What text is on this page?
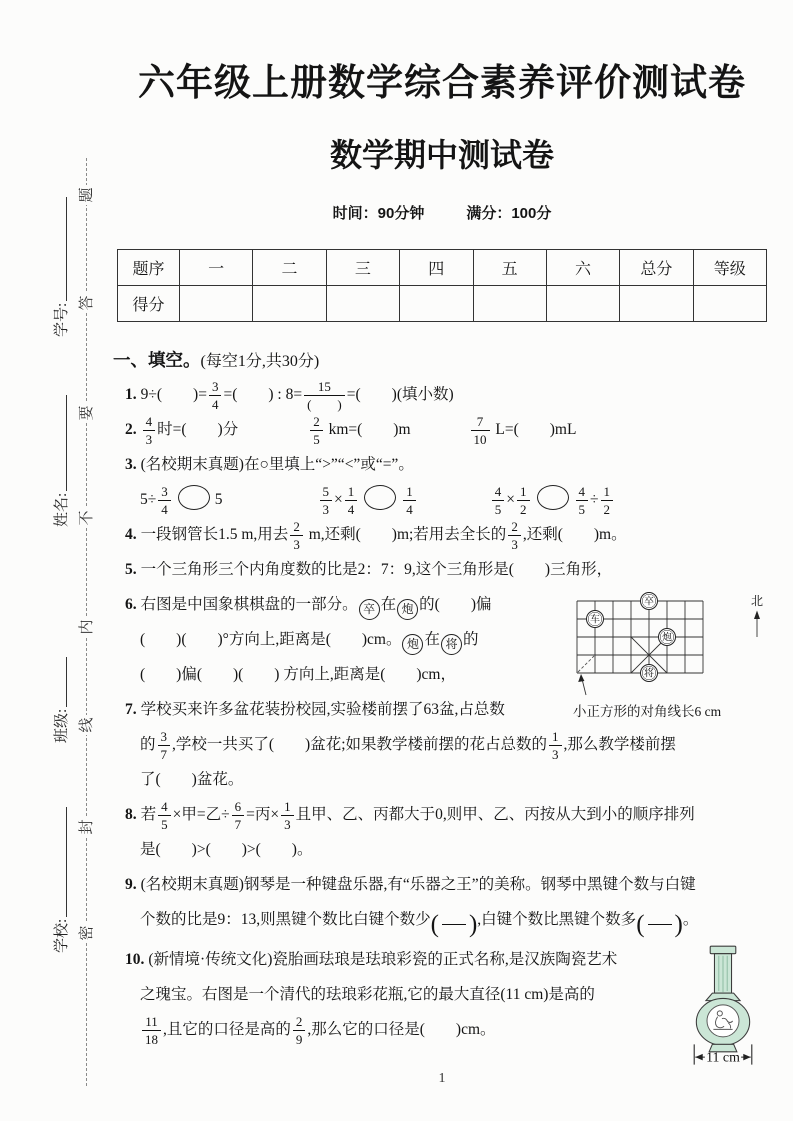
学号:
姓名:
班级:
学校:
题
答
要
不
内
线
封
密
六年级上册数学综合素养评价测试卷
数学期中测试卷
时间：90分钟	满分：100分
题序	一	二	三	四	五	六	总分	等级
得分								
一、填空。(每空1分,共30分)
1. 9÷(　　)= $\frac{3}{4}$ =(　　) : $8= \frac{15}{( )}$ =(　　)(填小数)
2. $\frac{4}{3}$ 时=(　　)分	$\frac{2}{5} km=$(　　)m	$\frac{7}{10} L=$(　　)mL
3. (名校期末真题)在○里填上“>”“<”或“=”。
$5\div \frac{3}{4}$	5	$\frac{5}{3} \times \frac{1}{4}$	$\frac{1}{4}$	$\frac{4}{5} \times \frac{1}{2}$	$\frac{4}{5} \div \frac{1}{2}$
4. 一段钢管长1.5 m,用去 $\frac{2}{3} m$,还剩(　　)m;若用去全长的 $\frac{2}{3}$ ,还剩(　　)m。
5. 一个三角形三个内角度数的比是2：7：9,这个三角形是(　　)三角形，
北
卒
车
炮
将
小正方形的对角线长6 cm
6. 右图是中国象棋棋盘的一部分。 卒 在 炮 的(　　)偏
(　　)(　　)°方向上,距离是(　　)cm。 炮 在 将 的
(　　)偏(　　)(　　) 方向上,距离是(　　)cm，
7. 学校买来许多盆花装扮校园,实验楼前摆了63盆,占总数
的 $\frac{3}{7}$ ,学校一共买了(　　)盆花;如果教学楼前摆的花占总数的 $\frac{1}{3}$ ,那么教学楼前摆
了(　　)盆花。
8. 若 $\frac{4}{5}$ ×甲=乙÷ $\frac{6}{7}$ =丙× $\frac{1}{3}$ 且甲、乙、丙都大于0,则甲、乙、丙按从大到小的顺序排列
是(　　)>(　　)>(　　)。
9. (名校期末真题)钢琴是一种键盘乐器,有“乐器之王”的美称。钢琴中黑键个数与白键
个数的比是9：13,则黑键个数比白键个数少( ),白键个数比黑键个数多( )。
11 cm
10. (新情境·传统文化)瓷胎画珐琅是珐琅彩瓷的正式名称,是汉族陶瓷艺术
之瑰宝。右图是一个清代的珐琅彩花瓶,它的最大直径(11 cm)是高的

$\frac{11}{18}$ ,且它的口径是高的 $\frac{2}{9}$ ,那么它的口径是(　　)cm。
1
